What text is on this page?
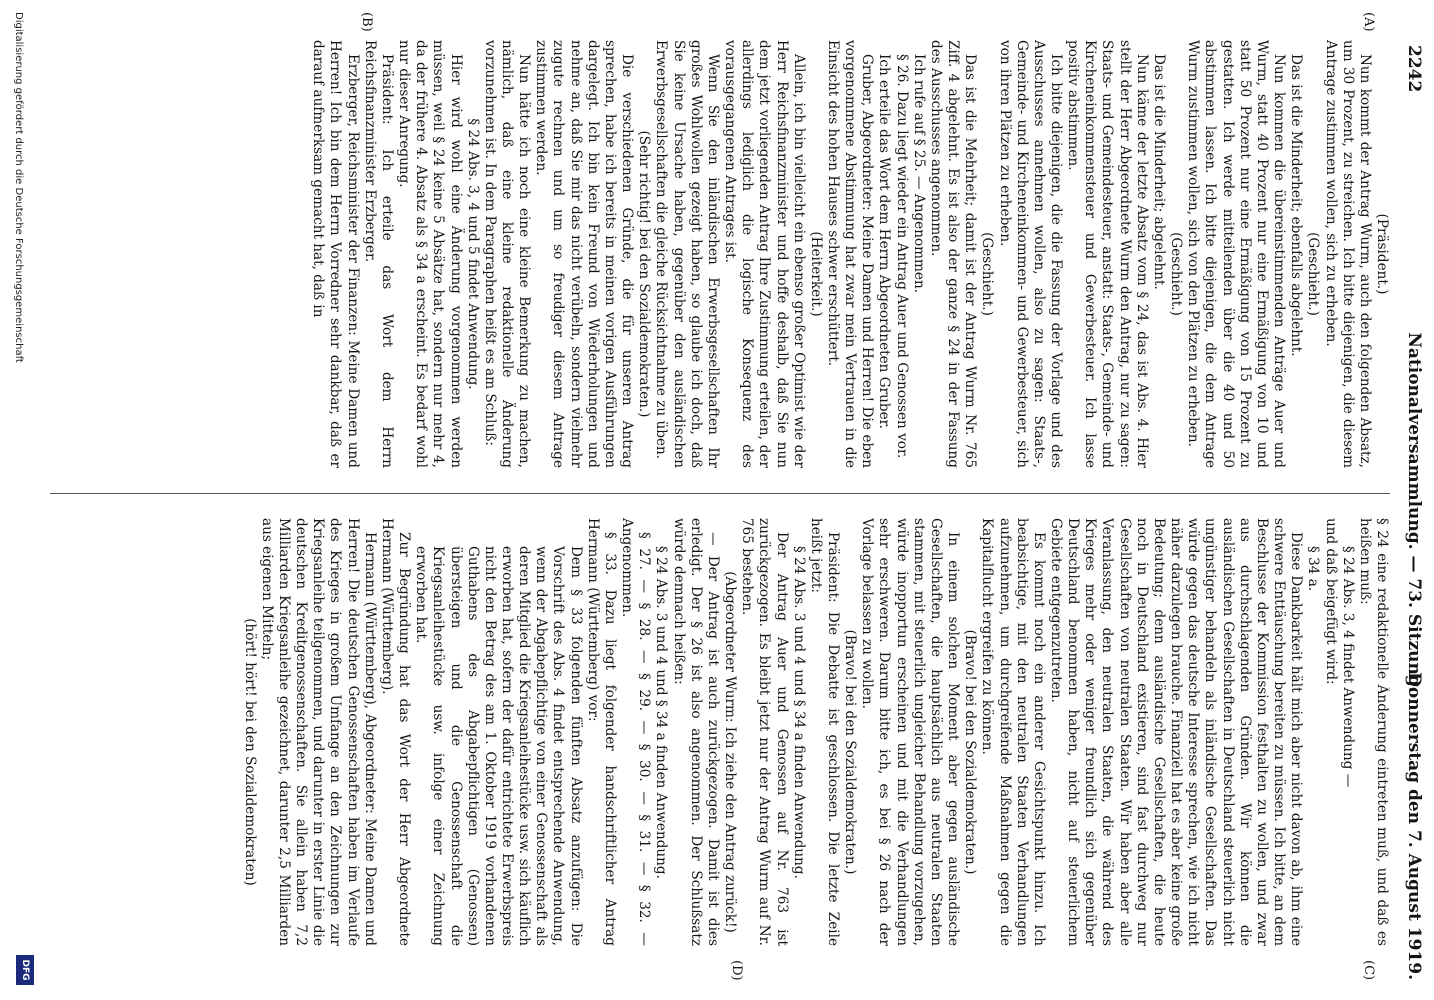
2242
Nationalversammlung. — 73. Sitzung.
Donnerstag den 7. August 1919.
(A)
(B)
(C)
(D)

(Präsident.)

Nun kommt der Antrag Wurm, auch den folgenden Absatz, um 30 Prozent, zu streichen. Ich bitte diejenigen, die diesem Antrage zustimmen wollen, sich zu erheben.

(Geschieht.)

Das ist die Minderheit; ebenfalls abgelehnt.

Nun kommen die übereinstimmenden Anträge Auer und Wurm, statt 40 Prozent nur eine Ermäßigung von 10 und statt 50 Prozent nur eine Ermäßigung von 15 Prozent zu gestatten. Ich werde mitteilenden über die 40 und 50 abstimmen lassen. Ich bitte diejenigen, die dem Antrage Wurm zustimmen wollen, sich von den Plätzen zu erheben.

(Geschieht.)

Das ist die Minderheit; abgelehnt.

Nun käme der letzte Absatz vom § 24, das ist Abs. 4. Hier stellt der Herr Abgeordnete Wurm den Antrag, nur zu sagen: Staats- und Gemeindesteuer, anstatt: Staats-, Gemeinde- und Kircheneinkommensteuer und Gewerbesteuer. Ich lasse positiv abstimmen.

Ich bitte diejenigen, die die Fassung der Vorlage und des Ausschusses annehmen wollen, also zu sagen: Staats-, Gemeinde- und Kircheneinkommen- und Gewerbesteuer, sich von ihren Plätzen zu erheben.

(Geschieht.)

Das ist die Mehrheit; damit ist der Antrag Wurm Nr. 765 Ziff. 4 abgelehnt. Es ist also der ganze § 24 in der Fassung des Ausschusses angenommen.

Ich rufe auf § 25. — Angenommen.

§ 26. Dazu liegt wieder ein Antrag Auer und Genossen vor.

Ich erteile das Wort dem Herrn Abgeordneten Gruber.

Gruber, Abgeordneter: Meine Damen und Herren! Die eben vorgenommene Abstimmung hat zwar mein Vertrauen in die Einsicht des hohen Hauses schwer erschüttert.

(Heiterkeit.)

Allein, ich bin vielleicht ein ebenso großer Optimist wie der Herr Reichsfinanzminister und hoffe deshalb, daß Sie nun dem jetzt vorliegenden Antrag Ihre Zustimmung erteilen, der allerdings lediglich die logische Konsequenz des vorausgegangenen Antrages ist.

Wenn Sie den inländischen Erwerbsgesellschaften Ihr großes Wohlwollen gezeigt haben, so glaube ich doch, daß Sie keine Ursache haben, gegenüber den ausländischen Erwerbsgesellschaften die gleiche Rücksichtnahme zu üben.

(Sehr richtig! bei den Sozialdemokraten.)

Die verschiedenen Gründe, die für unseren Antrag sprechen, habe ich bereits in meinen vorigen Ausführungen dargelegt. Ich bin kein Freund von Wiederholungen und nehme an, daß Sie mir das nicht verübeln, sondern vielmehr zugute rechnen und um so freudiger diesem Antrage zustimmen werden.

Nun hätte ich noch eine kleine Bemerkung zu machen, nämlich, daß eine kleine redaktionelle Änderung vorzunehmen ist. In dem Paragraphen heißt es am Schluß:

§ 24 Abs. 3, 4 und 5 findet Anwendung.

Hier wird wohl eine Änderung vorgenommen werden müssen, weil § 24 keine 5 Absätze hat, sondern nur mehr 4, da der frühere 4. Absatz als § 34 a erscheint. Es bedarf wohl nur dieser Anregung.

Präsident: Ich erteile das Wort dem Herrn Reichsfinanzminister Erzberger.

Erzberger, Reichsminister der Finanzen: Meine Damen und Herren! Ich bin dem Herrn Vorredner sehr dankbar, daß er darauf aufmerksam gemacht hat, daß in

§ 24 eine redaktionelle Änderung eintreten muß, und daß es heißen muß:

§ 24 Abs. 3, 4 findet Anwendung —

und daß beigefügt wird:

§ 34 a.

Diese Dankbarkeit hält mich aber nicht davon ab, ihm eine schwere Enttäuschung bereiten zu müssen. Ich bitte, an dem Beschlusse der Kommission festhalten zu wollen, und zwar aus durchschlagenden Gründen. Wir können die ausländischen Gesellschaften in Deutschland steuerlich nicht ungünstiger behandeln als inländische Gesellschaften. Das würde gegen das deutsche Interesse sprechen, wie ich nicht näher darzulegen brauche. Finanziell hat es aber keine große Bedeutung; denn ausländische Gesellschaften, die heute noch in Deutschland existieren, sind fast durchweg nur Gesellschaften von neutralen Staaten. Wir haben aber alle Veranlassung, den neutralen Staaten, die während des Krieges mehr oder weniger freundlich sich gegenüber Deutschland benommen haben, nicht auf steuerlichem Gebiete entgegenzutreten.

Es kommt noch ein anderer Gesichtspunkt hinzu. Ich beabsichtige, mit den neutralen Staaten Verhandlungen aufzunehmen, um durchgreifende Maßnahmen gegen die Kapitalflucht ergreifen zu können.

(Bravo! bei den Sozialdemokraten.)

In einem solchen Moment aber gegen ausländische Gesellschaften, die hauptsächlich aus neutralen Staaten stammen, mit steuerlich ungleicher Behandlung vorzugehen, würde inopportun erscheinen und mit die Verhandlungen sehr erschweren. Darum bitte ich, es bei § 26 nach der Vorlage belassen zu wollen.

(Bravo! bei den Sozialdemokraten.)

Präsident: Die Debatte ist geschlossen. Die letzte Zeile heißt jetzt:

§ 24 Abs. 3 und 4 und § 34 a finden Anwendung.

Der Antrag Auer und Genossen auf Nr. 763 ist zurückgezogen. Es bleibt jetzt nur der Antrag Wurm auf Nr. 765 bestehen.

(Abgeordneter Wurm: Ich ziehe den Antrag zurück!)

— Der Antrag ist auch zurückgezogen. Damit ist dies erledigt. Der § 26 ist also angenommen. Der Schlußsatz würde demnach heißen:

§ 24 Abs. 3 und 4 und § 34 a finden Anwendung.

§ 27. — § 28. — § 29. — § 30. — § 31. — § 32. — Angenommen.

§ 33. Dazu liegt folgender handschriftlicher Antrag Hermann (Württemberg) vor:

Dem § 33 folgenden fünften Absatz anzufügen: Die Vorschrift des Abs. 4 findet entsprechende Anwendung, wenn der Abgabepflichtige von einer Genossenschaft als deren Mitglied die Kriegsanleihestücke usw. sich käuflich erworben hat, sofern der dafür entrichtete Erwerbspreis nicht den Betrag des am 1. Oktober 1919 vorhandenen Guthabens des Abgabepflichtigen (Genossen) übersteigen und die Genossenschaft die Kriegsanleihestücke usw. infolge einer Zeichnung erworben hat.

Zur Begründung hat das Wort der Herr Abgeordnete Hermann (Württemberg).

Hermann (Württemberg), Abgeordneter: Meine Damen und Herren! Die deutschen Genossenschaften haben im Verlaufe des Krieges in großem Umfange an den Zeichnungen zur Kriegsanleihe teilgenommen, und darunter in erster Linie die deutschen Kreditgenossenschaften. Sie allein haben 7,2 Milliarden Kriegsanleihe gezeichnet, darunter 2,5 Milliarden aus eigenen Mitteln;

(hört! hört! bei den Sozialdemokraten)

Digitalisierung gefördert durch die Deutsche Forschungsgemeinschaft
DFG
